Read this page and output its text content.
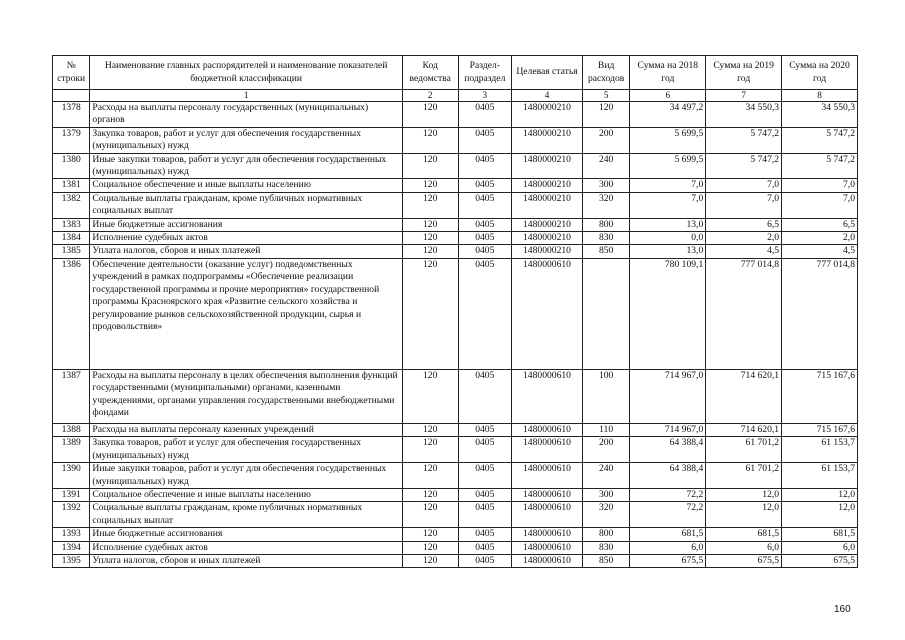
№ строки	Наименование главных распорядителей и наименование показателей бюджетной классификации	Код ведомства	Раздел-подраздел	Целевая статья	Вид расходов	Сумма на 2018 год	Сумма на 2019 год	Сумма на 2020 год
	1	2	3	4	5	6	7	8
1378	Расходы на выплаты персоналу государственных (муниципальных) органов	120	0405	1480000210	120	34 497,2	34 550,3	34 550,3
1379	Закупка товаров, работ и услуг для обеспечения государственных (муниципальных) нужд	120	0405	1480000210	200	5 699,5	5 747,2	5 747,2
1380	Иные закупки товаров, работ и услуг для обеспечения государственных (муниципальных) нужд	120	0405	1480000210	240	5 699,5	5 747,2	5 747,2
1381	Социальное обеспечение и иные выплаты населению	120	0405	1480000210	300	7,0	7,0	7,0
1382	Социальные выплаты гражданам, кроме публичных нормативных социальных выплат	120	0405	1480000210	320	7,0	7,0	7,0
1383	Иные бюджетные ассигнования	120	0405	1480000210	800	13,0	6,5	6,5
1384	Исполнение судебных актов	120	0405	1480000210	830	0,0	2,0	2,0
1385	Уплата налогов, сборов и иных платежей	120	0405	1480000210	850	13,0	4,5	4,5
1386	Обеспечение деятельности (оказание услуг) подведомственных учреждений в рамках подпрограммы «Обеспечение реализации государственной программы и прочие мероприятия» государственной программы Красноярского края «Развитие сельского хозяйства и регулирование рынков сельскохозяйственной продукции, сырья и продовольствия»	120	0405	1480000610		780 109,1	777 014,8	777 014,8
1387	Расходы на выплаты персоналу в целях обеспечения выполнения функций государственными (муниципальными) органами, казенными учреждениями, органами управления государственными внебюджетными фондами	120	0405	1480000610	100	714 967,0	714 620,1	715 167,6
1388	Расходы на выплаты персоналу казенных учреждений	120	0405	1480000610	110	714 967,0	714 620,1	715 167,6
1389	Закупка товаров, работ и услуг для обеспечения государственных (муниципальных) нужд	120	0405	1480000610	200	64 388,4	61 701,2	61 153,7
1390	Иные закупки товаров, работ и услуг для обеспечения государственных (муниципальных) нужд	120	0405	1480000610	240	64 388,4	61 701,2	61 153,7
1391	Социальное обеспечение и иные выплаты населению	120	0405	1480000610	300	72,2	12,0	12,0
1392	Социальные выплаты гражданам, кроме публичных нормативных социальных выплат	120	0405	1480000610	320	72,2	12,0	12,0
1393	Иные бюджетные ассигнования	120	0405	1480000610	800	681,5	681,5	681,5
1394	Исполнение судебных актов	120	0405	1480000610	830	6,0	6,0	6,0
1395	Уплата налогов, сборов и иных платежей	120	0405	1480000610	850	675,5	675,5	675,5
160
